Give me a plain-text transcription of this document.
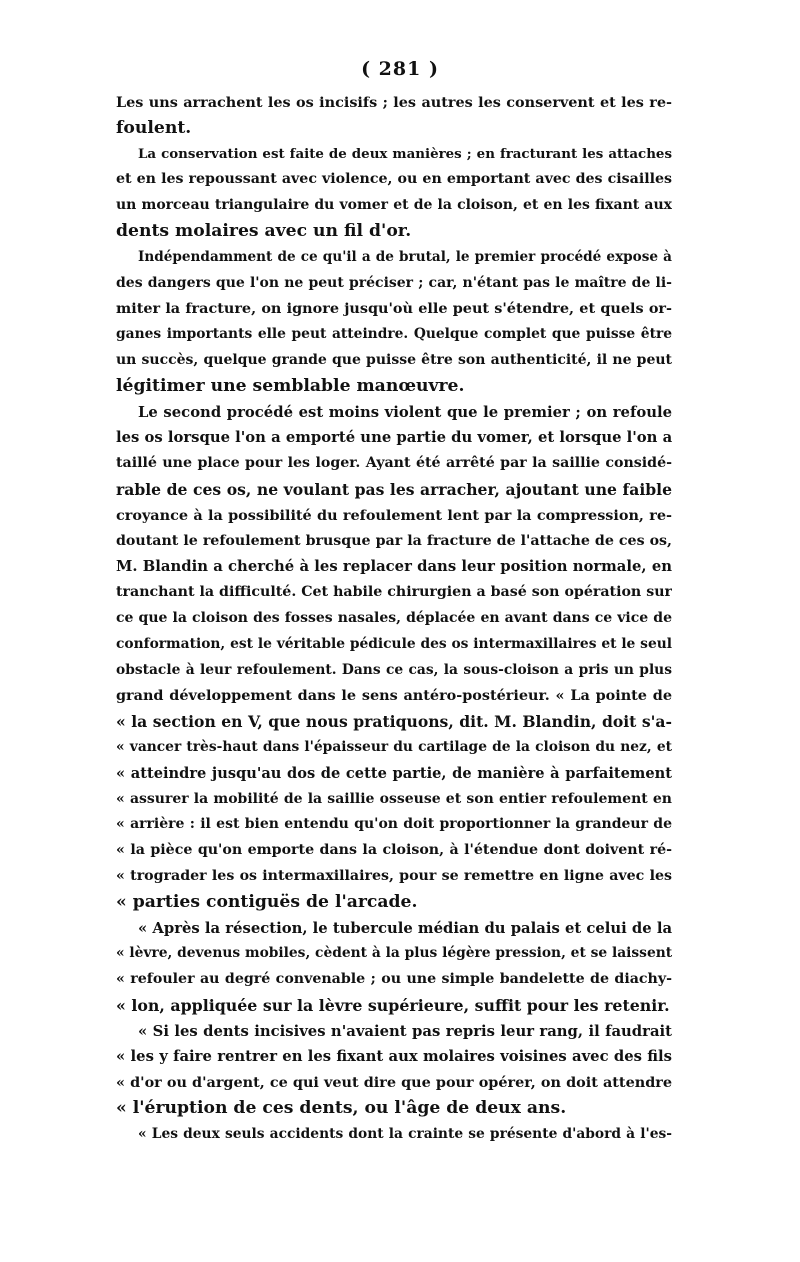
( 281 )
Les uns arrachent les os incisifs ; les autres les conservent et les re-
foulent.
La conservation est faite de deux manières ; en fracturant les attaches
et en les repoussant avec violence, ou en emportant avec des cisailles
un morceau triangulaire du vomer et de la cloison, et en les fixant aux
dents molaires avec un fil d'or.
Indépendamment de ce qu'il a de brutal, le premier procédé expose à
des dangers que l'on ne peut préciser ; car, n'étant pas le maître de li-
miter la fracture, on ignore jusqu'où elle peut s'étendre, et quels or-
ganes importants elle peut atteindre. Quelque complet que puisse être
un succès, quelque grande que puisse être son authenticité, il ne peut
légitimer une semblable manœuvre.
Le second procédé est moins violent que le premier ; on refoule
les os lorsque l'on a emporté une partie du vomer, et lorsque l'on a
taillé une place pour les loger. Ayant été arrêté par la saillie considé-
rable de ces os, ne voulant pas les arracher, ajoutant une faible
croyance à la possibilité du refoulement lent par la compression, re-
doutant le refoulement brusque par la fracture de l'attache de ces os,
M. Blandin a cherché à les replacer dans leur position normale, en
tranchant la difficulté. Cet habile chirurgien a basé son opération sur
ce que la cloison des fosses nasales, déplacée en avant dans ce vice de
conformation, est le véritable pédicule des os intermaxillaires et le seul
obstacle à leur refoulement. Dans ce cas, la sous-cloison a pris un plus
grand développement dans le sens antéro-postérieur. « La pointe de
« la section en V, que nous pratiquons, dit. M. Blandin, doit s'a-
« vancer très-haut dans l'épaisseur du cartilage de la cloison du nez, et
« atteindre jusqu'au dos de cette partie, de manière à parfaitement
« assurer la mobilité de la saillie osseuse et son entier refoulement en
« arrière : il est bien entendu qu'on doit proportionner la grandeur de
« la pièce qu'on emporte dans la cloison, à l'étendue dont doivent ré-
« trograder les os intermaxillaires, pour se remettre en ligne avec les
« parties contiguës de l'arcade.
« Après la résection, le tubercule médian du palais et celui de la
« lèvre, devenus mobiles, cèdent à la plus légère pression, et se laissent
« refouler au degré convenable ; ou une simple bandelette de diachy-
« lon, appliquée sur la lèvre supérieure, suffit pour les retenir.
« Si les dents incisives n'avaient pas repris leur rang, il faudrait
« les y faire rentrer en les fixant aux molaires voisines avec des fils
« d'or ou d'argent, ce qui veut dire que pour opérer, on doit attendre
« l'éruption de ces dents, ou l'âge de deux ans.
« Les deux seuls accidents dont la crainte se présente d'abord à l'es-
